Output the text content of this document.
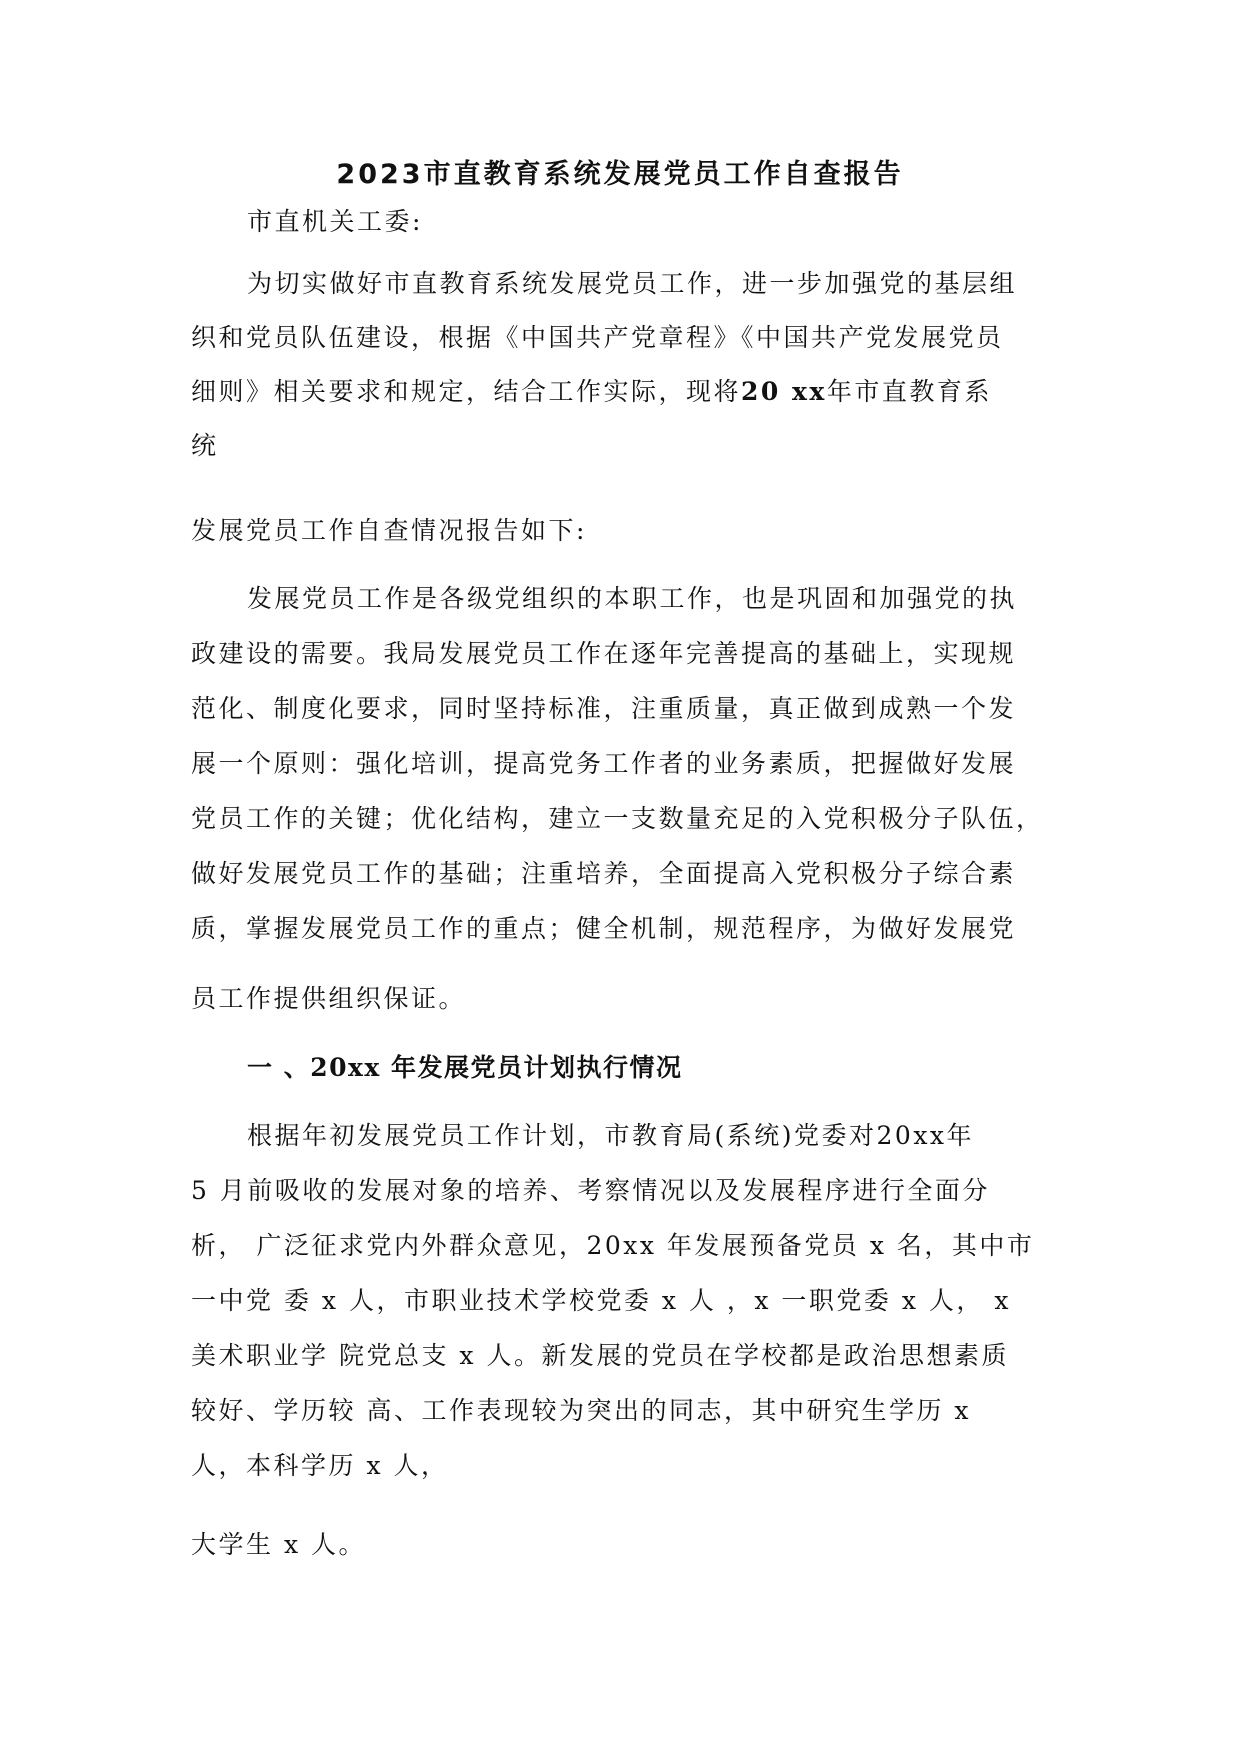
2023市直教育系统发展党员工作自查报告
市直机关工委:
为切实做好市直教育系统发展党员工作，进一步加强党的基层组
织和党员队伍建设，根据《中国共产党章程》《中国共产党发展党员
细则》相关要求和规定，结合工作实际，现将20 xx年市直教育系
统
发展党员工作自查情况报告如下:
发展党员工作是各级党组织的本职工作，也是巩固和加强党的执
政建设的需要。我局发展党员工作在逐年完善提高的基础上，实现规
范化、制度化要求，同时坚持标准，注重质量，真正做到成熟一个发
展一个原则：强化培训，提高党务工作者的业务素质，把握做好发展
党员工作的关键；优化结构，建立一支数量充足的入党积极分子队伍，
做好发展党员工作的基础；注重培养，全面提高入党积极分子综合素
质，掌握发展党员工作的重点；健全机制，规范程序，为做好发展党
员工作提供组织保证。
一 、20xx 年发展党员计划执行情况
根据年初发展党员工作计划，市教育局(系统)党委对20xx年
5 月前吸收的发展对象的培养、考察情况以及发展程序进行全面分
析， 广泛征求党内外群众意见，20xx 年发展预备党员 x 名，其中市
一中党 委 x 人，市职业技术学校党委 x 人 ，x 一职党委 x 人， x
美术职业学 院党总支 x 人。新发展的党员在学校都是政治思想素质
较好、学历较 高、工作表现较为突出的同志，其中研究生学历 x
人，本科学历 x 人，
大学生 x 人。
